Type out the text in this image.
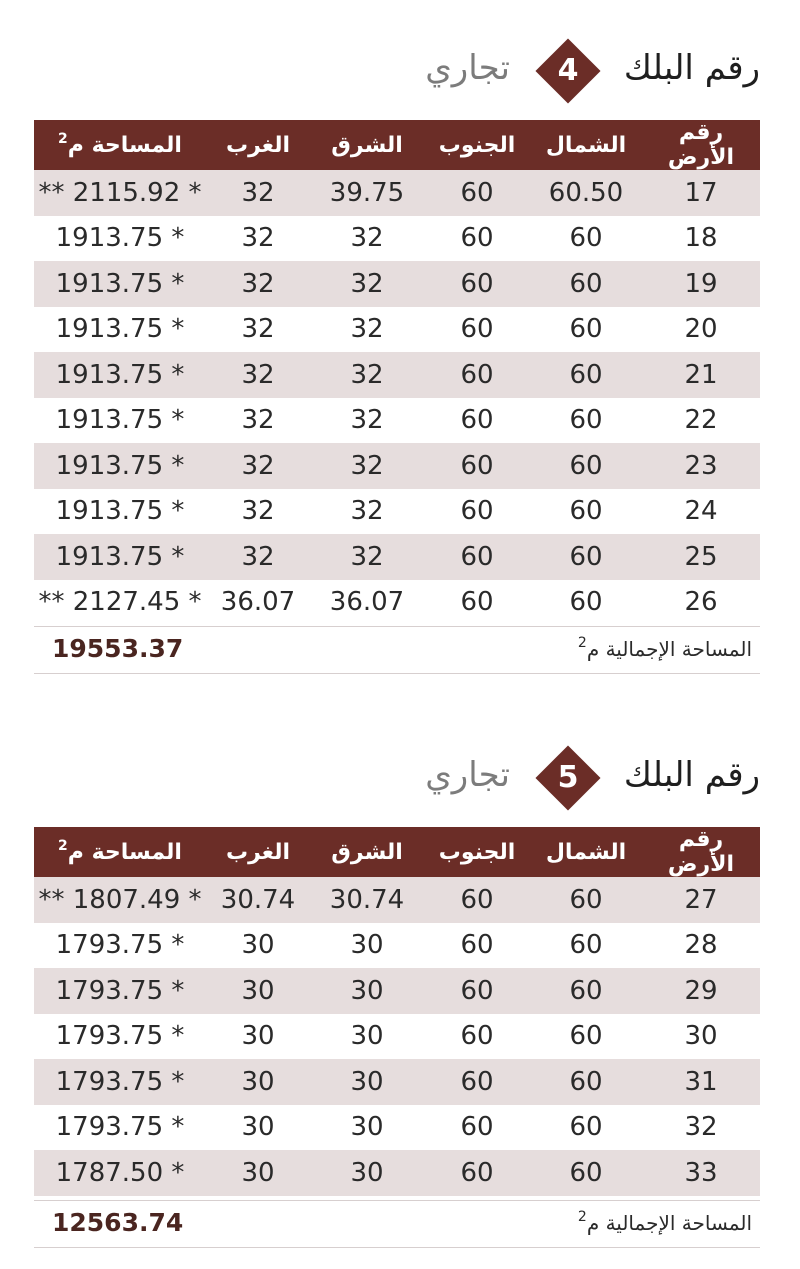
رقم البلك
4
تجاري
رقم الأرض	الشمال	الجنوب	الشرق	الغرب	المساحة م$^2$
17	60.50	60	39.75	32	** 2115.92 *
18	60	60	32	32	1913.75 *
19	60	60	32	32	1913.75 *
20	60	60	32	32	1913.75 *
21	60	60	32	32	1913.75 *
22	60	60	32	32	1913.75 *
23	60	60	32	32	1913.75 *
24	60	60	32	32	1913.75 *
25	60	60	32	32	1913.75 *
26	60	60	36.07	36.07	** 2127.45 *
المساحة الإجمالية م$^2$
19553.37
رقم البلك
5
تجاري
رقم الأرض	الشمال	الجنوب	الشرق	الغرب	المساحة م$^2$
27	60	60	30.74	30.74	** 1807.49 *
28	60	60	30	30	1793.75 *
29	60	60	30	30	1793.75 *
30	60	60	30	30	1793.75 *
31	60	60	30	30	1793.75 *
32	60	60	30	30	1793.75 *
33	60	60	30	30	1787.50 *
المساحة الإجمالية م$^2$
12563.74
